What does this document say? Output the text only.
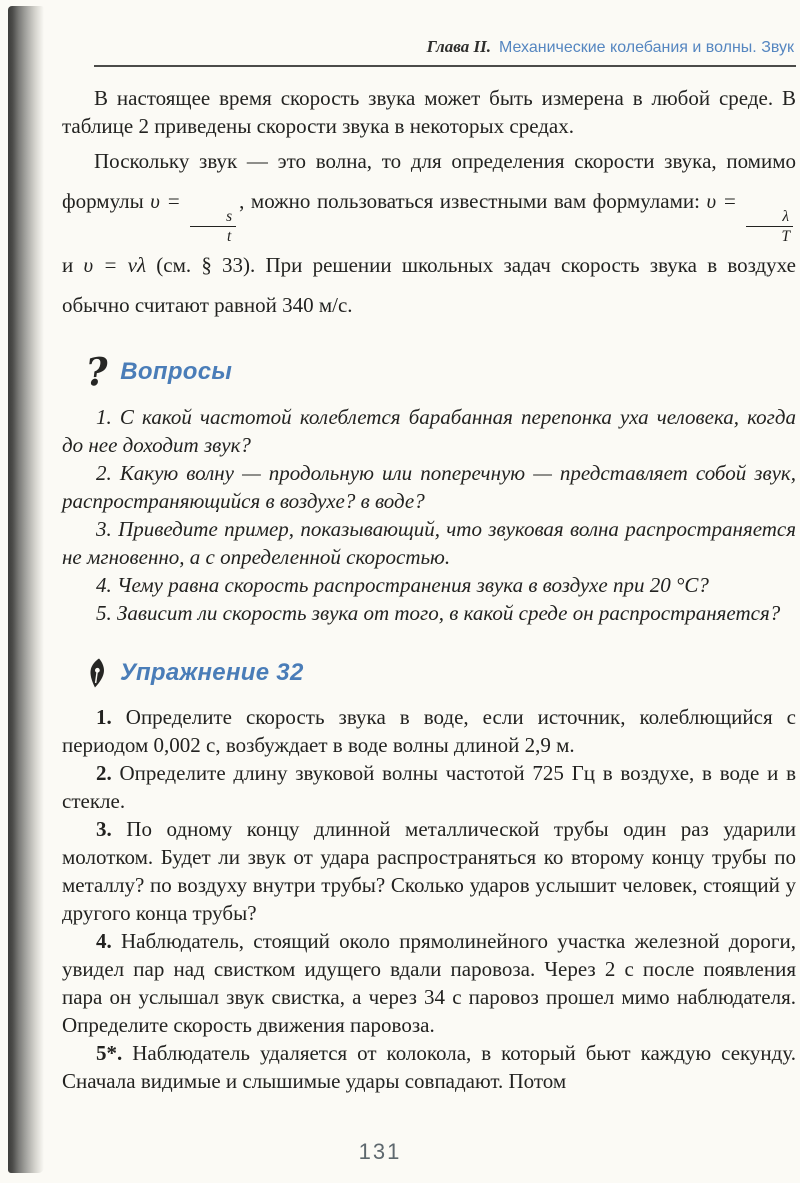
Глава II. Механические колебания и волны. Звук

В настоящее время скорость звука может быть измерена в любой среде. В таблице 2 приведены скорости звука в некоторых средах.

Поскольку звук — это волна, то для определения скорости звука, помимо формулы υ =
$\frac{s}{t}$
, можно пользоваться известными вам формулами: υ =
$\frac{\lambda}{T}$
и υ = νλ (см. § 33). При решении школьных задач скорость звука в воздухе обычно считают равной 340 м/с.

? Вопросы

1. С какой частотой колеблется барабанная перепонка уха человека, когда до нее доходит звук?

2. Какую волну — продольную или поперечную — представляет собой звук, распространяющийся в воздухе? в воде?

3. Приведите пример, показывающий, что звуковая волна распространяется не мгновенно, а с определенной скоростью.

4. Чему равна скорость распространения звука в воздухе при 20 °C?

5. Зависит ли скорость звука от того, в какой среде он распространяется?

Упражнение 32

1. Определите скорость звука в воде, если источник, колеблющийся с периодом 0,002 с, возбуждает в воде волны длиной 2,9 м.

2. Определите длину звуковой волны частотой 725 Гц в воздухе, в воде и в стекле.

3. По одному концу длинной металлической трубы один раз ударили молотком. Будет ли звук от удара распространяться ко второму концу трубы по металлу? по воздуху внутри трубы? Сколько ударов услышит человек, стоящий у другого конца трубы?

4. Наблюдатель, стоящий около прямолинейного участка железной дороги, увидел пар над свистком идущего вдали паровоза. Через 2 с после появления пара он услышал звук свистка, а через 34 с паровоз прошел мимо наблюдателя. Определите скорость движения паровоза.

5*. Наблюдатель удаляется от колокола, в который бьют каждую секунду. Сначала видимые и слышимые удары совпадают. Потом

131
